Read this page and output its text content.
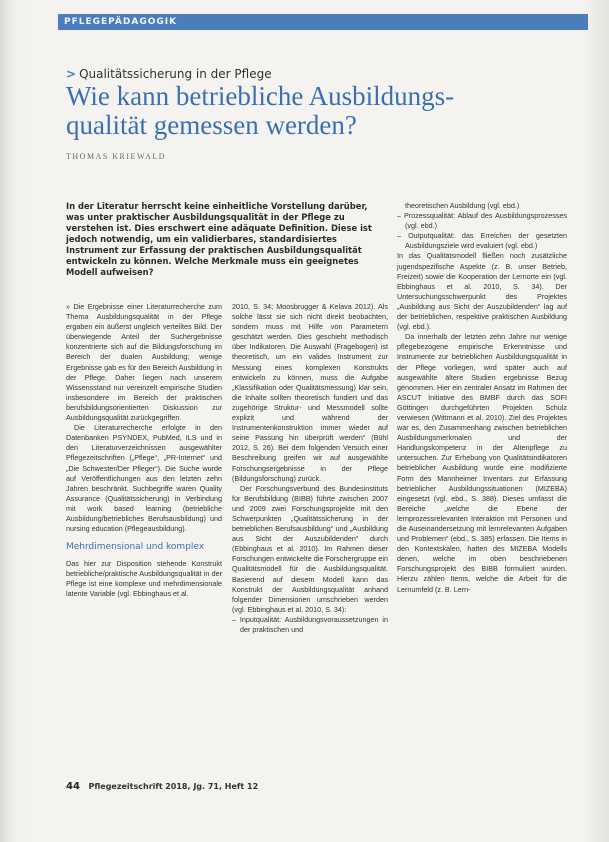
PFLEGEPÄDAGOGIK
> Qualitätssicherung in der Pflege
Wie kann betriebliche Ausbildungs-
qualität gemessen werden?
THOMAS KRIEWALD

In der Literatur herrscht keine einheitliche Vorstellung darüber, was unter praktischer Ausbildungsqualität in der Pflege zu verstehen ist. Dies erschwert eine adäquate Definition. Diese ist jedoch notwendig, um ein validierbares, standardisiertes Instrument zur Erfassung der praktischen Ausbildungsqualität entwickeln zu können. Welche Merkmale muss ein geeignetes Modell aufweisen?

» Die Ergebnisse einer Literaturrecherche zum Thema Ausbildungsqualität in der Pflege ergaben ein äußerst ungleich verteiltes Bild. Der überwiegende Anteil der Suchergebnisse konzentrierte sich auf die Bildungsforschung im Bereich der dualen Ausbildung; wenige Ergebnisse gab es für den Bereich Ausbildung in der Pflege. Daher liegen nach unserem Wissensstand nur vereinzelt empirische Studien insbesondere im Bereich der praktischen berufsbildungsorientierten Diskussion zur Ausbildungsqualität zurückgegriffen.

Die Literaturrecherche erfolgte in den Datenbanken PSYNDEX, PubMed, ILS und in den Literaturverzeichnissen ausgewählter Pflegezeitschriften („Pflege“, „PR-Internet“ und „Die Schwester/Der Pfleger“). Die Suche wurde auf Veröffentlichungen aus den letzten zehn Jahren beschränkt. Suchbegriffe waren Quality Assurance (Qualitätssicherung) in Verbindung mit work based learning (betriebliche Ausbildung/betriebliches Berufsausbildung) und nursing education (Pflegeausbildung).

Mehrdimensional und komplex

Das hier zur Disposition stehende Konstrukt betriebliche/praktische Ausbildungsqualität in der Pflege ist eine komplexe und mehrdimensionale latente Variable (vgl. Ebbinghaus et al.

2010, S. 34; Moosbrugger & Kelava 2012). Als solche lässt sie sich nicht direkt beobachten, sondern muss mit Hilfe von Parametern geschätzt werden. Dies geschieht methodisch über Indikatoren. Die Auswahl (Fragebogen) ist theoretisch, um ein valides Instrument zur Messung eines komplexen Konstrukts entwickeln zu können, muss die Aufgabe „Klassifikation oder Qualitätsmessung) klar sein, die Inhalte sollten theoretisch fundiert und das zugehörige Struktur- und Messmodell sollte explizit und während der Instrumentenkonstruktion immer wieder auf seine Passung hin überprüft werden“ (Bühl 2012, S. 26). Bei dem folgenden Versuch einer Beschreibung greifen wir auf ausgewählte Forschungsergebnisse in der Pflege (Bildungsforschung) zurück.

Der Forschungsverbund des Bundesinstituts für Berufsbildung (BIBB) führte zwischen 2007 und 2009 zwei Forschungsprojekte mit den Schwerpunkten „Qualitätssicherung in der betrieblichen Berufsausbildung“ und „Ausbildung aus Sicht der Auszubildenden“ durch (Ebbinghaus et al. 2010). Im Rahmen dieser Forschungen entwickelte die Forschergruppe ein Qualitätsmodell für die Ausbildungsqualität. Basierend auf diesem Modell kann das Konstrukt der Ausbildungsqualität anhand folgender Dimensionen umschrieben werden (vgl. Ebbinghaus et al. 2010, S. 34):

– Inputqualität: Ausbildungsvoraussetzungen in der praktischen und

theoretischen Ausbildung (vgl. ebd.)

– Prozessqualität: Ablauf des Ausbildungsprozesses (vgl. ebd.)
– Outputqualität: das Erreichen der gesetzten Ausbildungsziele wird evaluiert (vgl. ebd.)

In das Qualitätsmodell fließen noch zusätzliche jugendspezifische Aspekte (z. B. unser Betrieb, Freizeit) sowie die Kooperation der Lernorte ein (vgl. Ebbinghaus et al. 2010, S. 34). Der Untersuchungsschwerpunkt des Projektes „Ausbildung aus Sicht der Auszubildenden“ lag auf der betrieblichen, respektive praktischen Ausbildung (vgl. ebd.).

Da innerhalb der letzten zehn Jahre nur wenige pflegebezogene empirische Erkenntnisse und Instrumente zur betrieblichen Ausbildungsqualität in der Pflege vorliegen, wird später auch auf ausgewählte ältere Studien ergebnisse Bezug genommen. Hier ein zentraler Ansatz im Rahmen der ASCUT Initiative des BMBF durch das SOFI Göttingen durchgeführten Projekten Schulz verwiesen (Wittmann et al. 2010). Ziel des Projektes war es, den Zusammenhang zwischen betrieblichen Ausbildungsmerkmalen und der Handlungskompetenz in der Altenpflege zu untersuchen. Zur Erhebung von Qualitätsindikatoren betrieblicher Ausbildung wurde eine modifizierte Form des Mannheimer Inventars zur Erfassung betrieblicher Ausbildungssituationen (MIZEBA) eingesetzt (vgl. ebd., S. 388). Dieses umfasst die Bereiche „welche die Ebene der lernprozessrelevanten Interaktion mit Personen und die Auseinandersetzung mit lernrelevanten Aufgaben und Problemen“ (ebd., S. 385) erfassen. Die Items in den Kontextskalen, hatten des MIZEBA Modells denen, welche im oben beschriebenen Forschungsprojekt des BIBB formuliert wurden. Hierzu zählen Items, welche die Arbeit für die Lernumfeld (z. B. Lern-

44 Pflegezeitschrift 2018, Jg. 71, Heft 12
